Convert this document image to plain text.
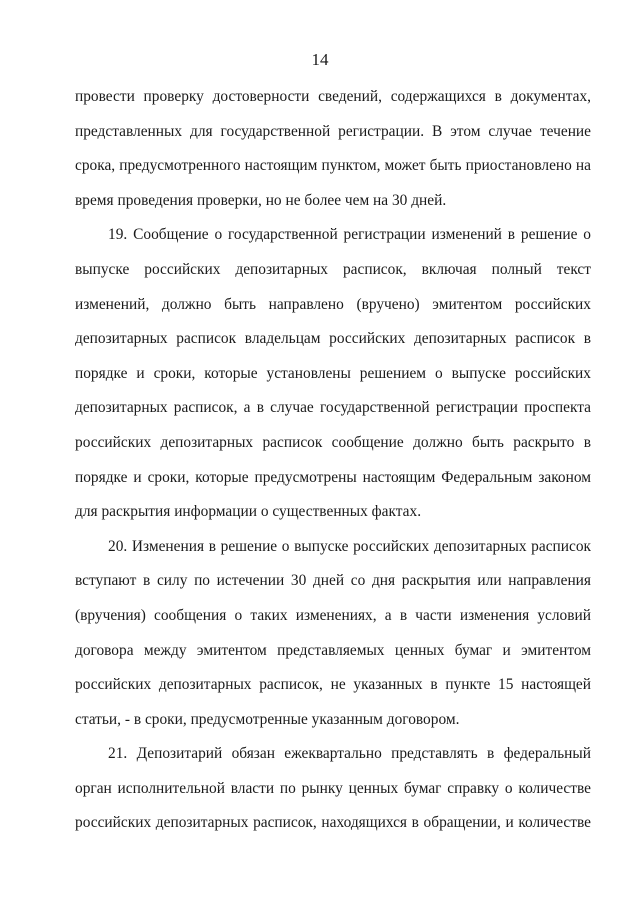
14
провести проверку достоверности сведений, содержащихся в документах,
представленных для государственной регистрации. В этом случае течение
срока, предусмотренного настоящим пунктом, может быть приостановлено на
время проведения проверки, но не более чем на 30 дней.
19. Сообщение о государственной регистрации изменений в решение о
выпуске российских депозитарных расписок, включая полный текст
изменений, должно быть направлено (вручено) эмитентом российских
депозитарных расписок владельцам российских депозитарных расписок в
порядке и сроки, которые установлены решением о выпуске российских
депозитарных расписок, а в случае государственной регистрации проспекта
российских депозитарных расписок сообщение должно быть раскрыто в
порядке и сроки, которые предусмотрены настоящим Федеральным законом
для раскрытия информации о существенных фактах.
20. Изменения в решение о выпуске российских депозитарных расписок
вступают в силу по истечении 30 дней со дня раскрытия или направления
(вручения) сообщения о таких изменениях, а в части изменения условий
договора между эмитентом представляемых ценных бумаг и эмитентом
российских депозитарных расписок, не указанных в пункте 15 настоящей
статьи, - в сроки, предусмотренные указанным договором.
21. Депозитарий обязан ежеквартально представлять в федеральный
орган исполнительной власти по рынку ценных бумаг справку о количестве
российских депозитарных расписок, находящихся в обращении, и количестве
